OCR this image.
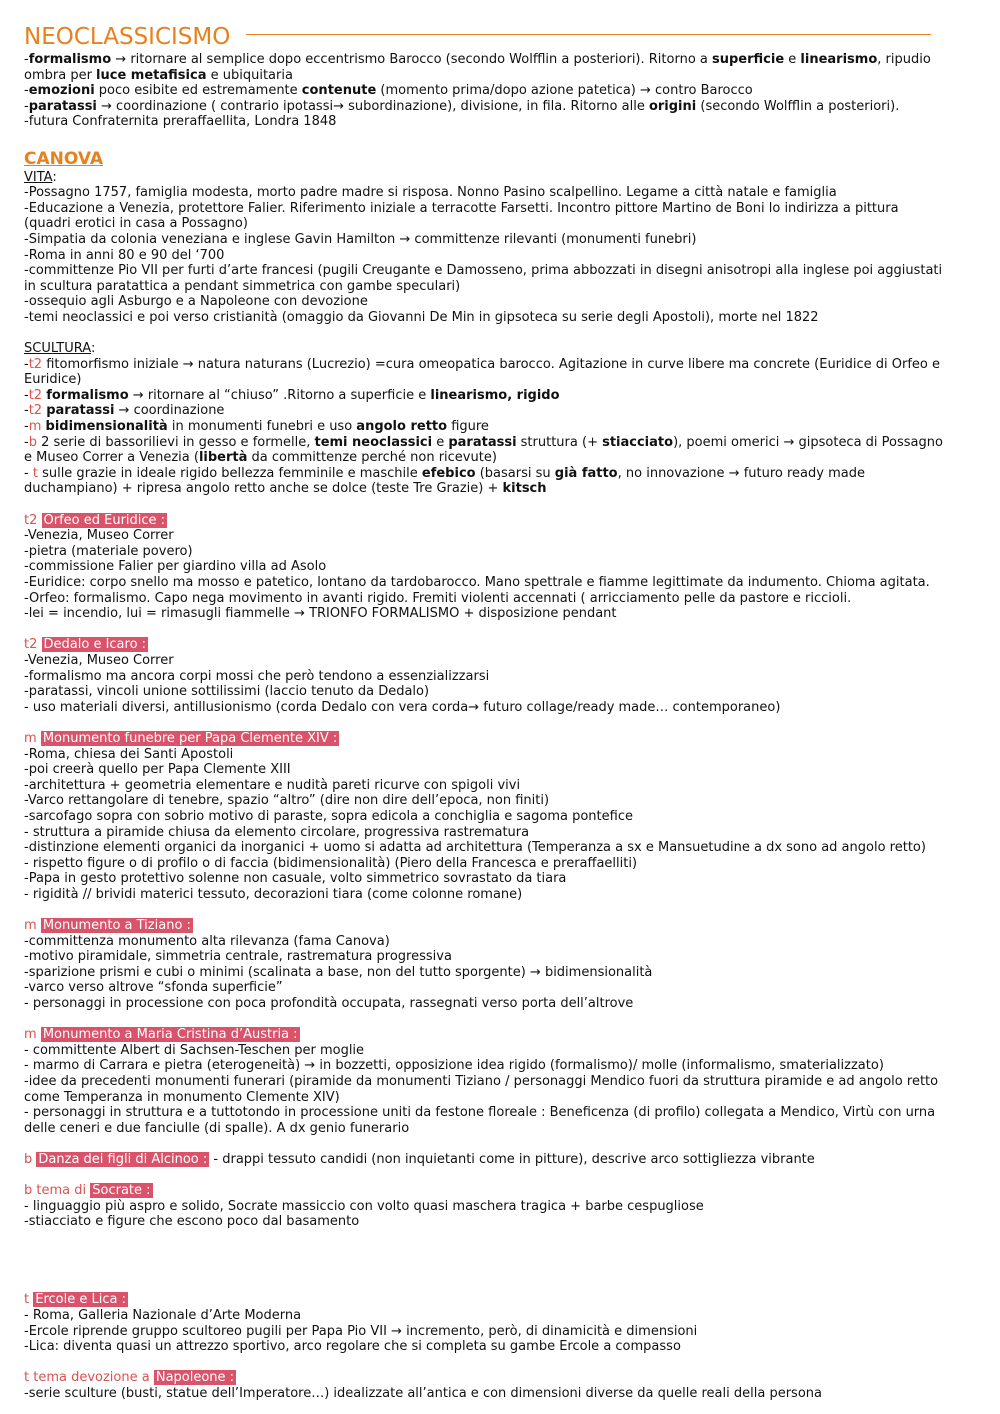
NEOCLASSICISMO
-formalismo → ritornare al semplice dopo eccentrismo Barocco (secondo Wolfflin a posteriori). Ritorno a superficie e linearismo, ripudio
ombra per luce metafisica e ubiquitaria
-emozioni poco esibite ed estremamente contenute (momento prima/dopo azione patetica) → contro Barocco
-paratassi → coordinazione ( contrario ipotassi→ subordinazione), divisione, in fila. Ritorno alle origini (secondo Wolfflin a posteriori).
-futura Confraternita preraffaellita, Londra 1848
CANOVA
VITA:
-Possagno 1757, famiglia modesta, morto padre madre si risposa. Nonno Pasino scalpellino. Legame a città natale e famiglia
-Educazione a Venezia, protettore Falier. Riferimento iniziale a terracotte Farsetti. Incontro pittore Martino de Boni lo indirizza a pittura
(quadri erotici in casa a Possagno)
-Simpatia da colonia veneziana e inglese Gavin Hamilton → committenze rilevanti (monumenti funebri)
-Roma in anni 80 e 90 del ‘700
-committenze Pio VII per furti d’arte francesi (pugili Creugante e Damosseno, prima abbozzati in disegni anisotropi alla inglese poi aggiustati
in scultura paratattica a pendant simmetrica con gambe speculari)
-ossequio agli Asburgo e a Napoleone con devozione
-temi neoclassici e poi verso cristianità (omaggio da Giovanni De Min in gipsoteca su serie degli Apostoli), morte nel 1822
SCULTURA:
-t2 fitomorfismo iniziale → natura naturans (Lucrezio) =cura omeopatica barocco. Agitazione in curve libere ma concrete (Euridice di Orfeo e
Euridice)
-t2 formalismo → ritornare al “chiuso” .Ritorno a superficie e linearismo, rigido
-t2 paratassi → coordinazione
-m bidimensionalità in monumenti funebri e uso angolo retto figure
-b 2 serie di bassorilievi in gesso e formelle, temi neoclassici e paratassi struttura (+ stiacciato), poemi omerici → gipsoteca di Possagno
e Museo Correr a Venezia (libertà da committenze perché non ricevute)
- t sulle grazie in ideale rigido bellezza femminile e maschile efebico (basarsi su già fatto, no innovazione → futuro ready made
duchampiano) + ripresa angolo retto anche se dolce (teste Tre Grazie) + kitsch
t2 Orfeo ed Euridice :
-Venezia, Museo Correr
-pietra (materiale povero)
-commissione Falier per giardino villa ad Asolo
-Euridice: corpo snello ma mosso e patetico, lontano da tardobarocco. Mano spettrale e fiamme legittimate da indumento. Chioma agitata.
-Orfeo: formalismo. Capo nega movimento in avanti rigido. Fremiti violenti accennati ( arricciamento pelle da pastore e riccioli.
-lei = incendio, lui = rimasugli fiammelle → TRIONFO FORMALISMO + disposizione pendant
t2 Dedalo e Icaro :
-Venezia, Museo Correr
-formalismo ma ancora corpi mossi che però tendono a essenzializzarsi
-paratassi, vincoli unione sottilissimi (laccio tenuto da Dedalo)
- uso materiali diversi, antillusionismo (corda Dedalo con vera corda→ futuro collage/ready made… contemporaneo)
m Monumento funebre per Papa Clemente XIV :
-Roma, chiesa dei Santi Apostoli
-poi creerà quello per Papa Clemente XIII
-architettura + geometria elementare e nudità pareti ricurve con spigoli vivi
-Varco rettangolare di tenebre, spazio “altro” (dire non dire dell’epoca, non finiti)
-sarcofago sopra con sobrio motivo di paraste, sopra edicola a conchiglia e sagoma pontefice
- struttura a piramide chiusa da elemento circolare, progressiva rastrematura
-distinzione elementi organici da inorganici + uomo si adatta ad architettura (Temperanza a sx e Mansuetudine a dx sono ad angolo retto)
- rispetto figure o di profilo o di faccia (bidimensionalità) (Piero della Francesca e preraffaelliti)
-Papa in gesto protettivo solenne non casuale, volto simmetrico sovrastato da tiara
- rigidità // brividi materici tessuto, decorazioni tiara (come colonne romane)
m Monumento a Tiziano :
-committenza monumento alta rilevanza (fama Canova)
-motivo piramidale, simmetria centrale, rastrematura progressiva
-sparizione prismi e cubi o minimi (scalinata a base, non del tutto sporgente) → bidimensionalità
-varco verso altrove “sfonda superficie”
- personaggi in processione con poca profondità occupata, rassegnati verso porta dell’altrove
m Monumento a Maria Cristina d’Austria :
- committente Albert di Sachsen-Teschen per moglie
- marmo di Carrara e pietra (eterogeneità) → in bozzetti, opposizione idea rigido (formalismo)/ molle (informalismo, smaterializzato)
-idee da precedenti monumenti funerari (piramide da monumenti Tiziano / personaggi Mendico fuori da struttura piramide e ad angolo retto
come Temperanza in monumento Clemente XIV)
- personaggi in struttura e a tuttotondo in processione uniti da festone floreale : Beneficenza (di profilo) collegata a Mendico, Virtù con urna
delle ceneri e due fanciulle (di spalle). A dx genio funerario
b Danza dei figli di Alcinoo : - drappi tessuto candidi (non inquietanti come in pitture), descrive arco sottigliezza vibrante
b tema di Socrate :
- linguaggio più aspro e solido, Socrate massiccio con volto quasi maschera tragica + barbe cespugliose
-stiacciato e figure che escono poco dal basamento
t Ercole e Lica :
- Roma, Galleria Nazionale d’Arte Moderna
-Ercole riprende gruppo scultoreo pugili per Papa Pio VII → incremento, però, di dinamicità e dimensioni
-Lica: diventa quasi un attrezzo sportivo, arco regolare che si completa su gambe Ercole a compasso
t tema devozione a Napoleone :
-serie sculture (busti, statue dell’Imperatore…) idealizzate all’antica e con dimensioni diverse da quelle reali della persona
